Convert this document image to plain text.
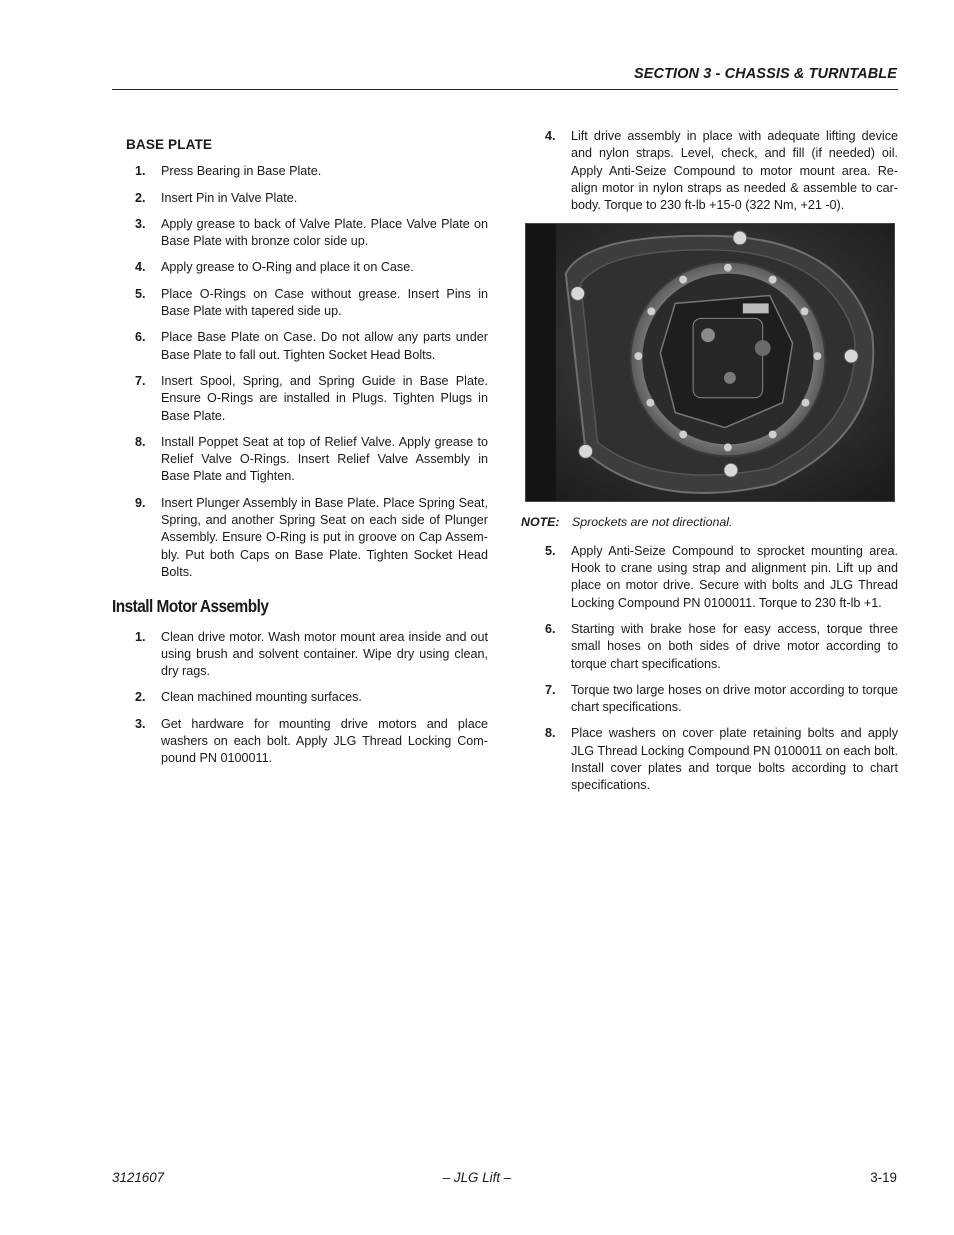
SECTION 3 - CHASSIS & TURNTABLE
BASE PLATE
1. Press Bearing in Base Plate.
2. Insert Pin in Valve Plate.
3. Apply grease to back of Valve Plate. Place Valve Plate on Base Plate with bronze color side up.
4. Apply grease to O-Ring and place it on Case.
5. Place O-Rings on Case without grease. Insert Pins in Base Plate with tapered side up.
6. Place Base Plate on Case. Do not allow any parts under Base Plate to fall out. Tighten Socket Head Bolts.
7. Insert Spool, Spring, and Spring Guide in Base Plate. Ensure O-Rings are installed in Plugs. Tighten Plugs in Base Plate.
8. Install Poppet Seat at top of Relief Valve. Apply grease to Relief Valve O-Rings. Insert Relief Valve Assembly in Base Plate and Tighten.
9. Insert Plunger Assembly in Base Plate. Place Spring Seat, Spring, and another Spring Seat on each side of Plunger Assembly. Ensure O-Ring is put in groove on Cap Assem- bly. Put both Caps on Base Plate. Tighten Socket Head Bolts.
Install Motor Assembly
1. Clean drive motor. Wash motor mount area inside and out using brush and solvent container. Wipe dry using clean, dry rags.
2. Clean machined mounting surfaces.
3. Get hardware for mounting drive motors and place washers on each bolt. Apply JLG Thread Locking Com- pound PN 0100011.
4. Lift drive assembly in place with adequate lifting device and nylon straps. Level, check, and fill (if needed) oil. Apply Anti-Seize Compound to motor mount area. Re- align motor in nylon straps as needed & assemble to car- body. Torque to 230 ft-lb +15-0 (322 Nm, +21 -0).
NOTE:	Sprockets are not directional.
5. Apply Anti-Seize Compound to sprocket mounting area. Hook to crane using strap and alignment pin. Lift up and place on motor drive. Secure with bolts and JLG Thread Locking Compound PN 0100011. Torque to 230 ft-lb +1.
6. Starting with brake hose for easy access, torque three small hoses on both sides of drive motor according to torque chart specifications.
7. Torque two large hoses on drive motor according to torque chart specifications.
8. Place washers on cover plate retaining bolts and apply JLG Thread Locking Compound PN 0100011 on each bolt. Install cover plates and torque bolts according to chart specifications.
3121607	– JLG Lift –	3-19
